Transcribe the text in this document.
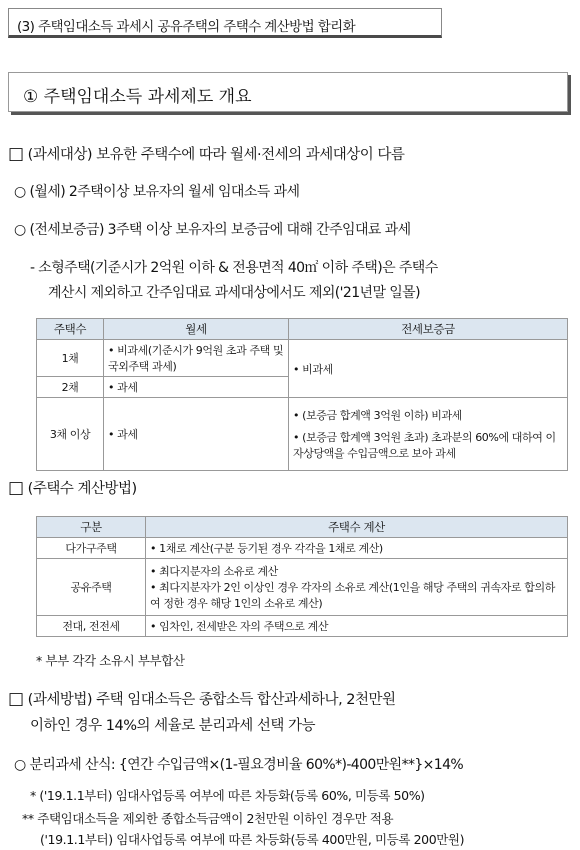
(3) 주택임대소득 과세시 공유주택의 주택수 계산방법 합리화
① 주택임대소득 과세제도 개요
□ (과세대상) 보유한 주택수에 따라 월세·전세의 과세대상이 다름
○ (월세) 2주택이상 보유자의 월세 임대소득 과세
○ (전세보증금) 3주택 이상 보유자의 보증금에 대해 간주임대료 과세
- 소형주택(기준시가 2억원 이하 & 전용면적 40㎡ 이하 주택)은 주택수
계산시 제외하고 간주임대료 과세대상에서도 제외('21년말 일몰)
주택수	월세	전세보증금
1채	• 비과세(기준시가 9억원 초과 주택 및 국외주택 과세)	• 비과세
2채	• 과세	
3채 이상	• 과세	• (보증금 합계액 3억원 이하) 비과세
• (보증금 합계액 3억원 초과) 초과분의 60%에 대하여 이자상당액을 수입금액으로 보아 과세
□ (주택수 계산방법)
구분	주택수 계산
다가구주택	• 1채로 계산(구분 등기된 경우 각각을 1채로 계산)
공유주택	• 최다지분자의 소유로 계산
• 최다지분자가 2인 이상인 경우 각자의 소유로 계산(1인을 해당 주택의 귀속자로 합의하여 정한 경우 해당 1인의 소유로 계산)

전대, 전전세	• 임차인, 전세받은 자의 주택으로 계산
* 부부 각각 소유시 부부합산
□ (과세방법) 주택 임대소득은 종합소득 합산과세하나, 2천만원
이하인 경우 14%의 세율로 분리과세 선택 가능
○ 분리과세 산식: {연간 수입금액×(1-필요경비율 60%*)-400만원**}×14%
* ('19.1.1부터) 임대사업등록 여부에 따른 차등화(등록 60%, 미등록 50%)
** 주택임대소득을 제외한 종합소득금액이 2천만원 이하인 경우만 적용
('19.1.1부터) 임대사업등록 여부에 따른 차등화(등록 400만원, 미등록 200만원)
